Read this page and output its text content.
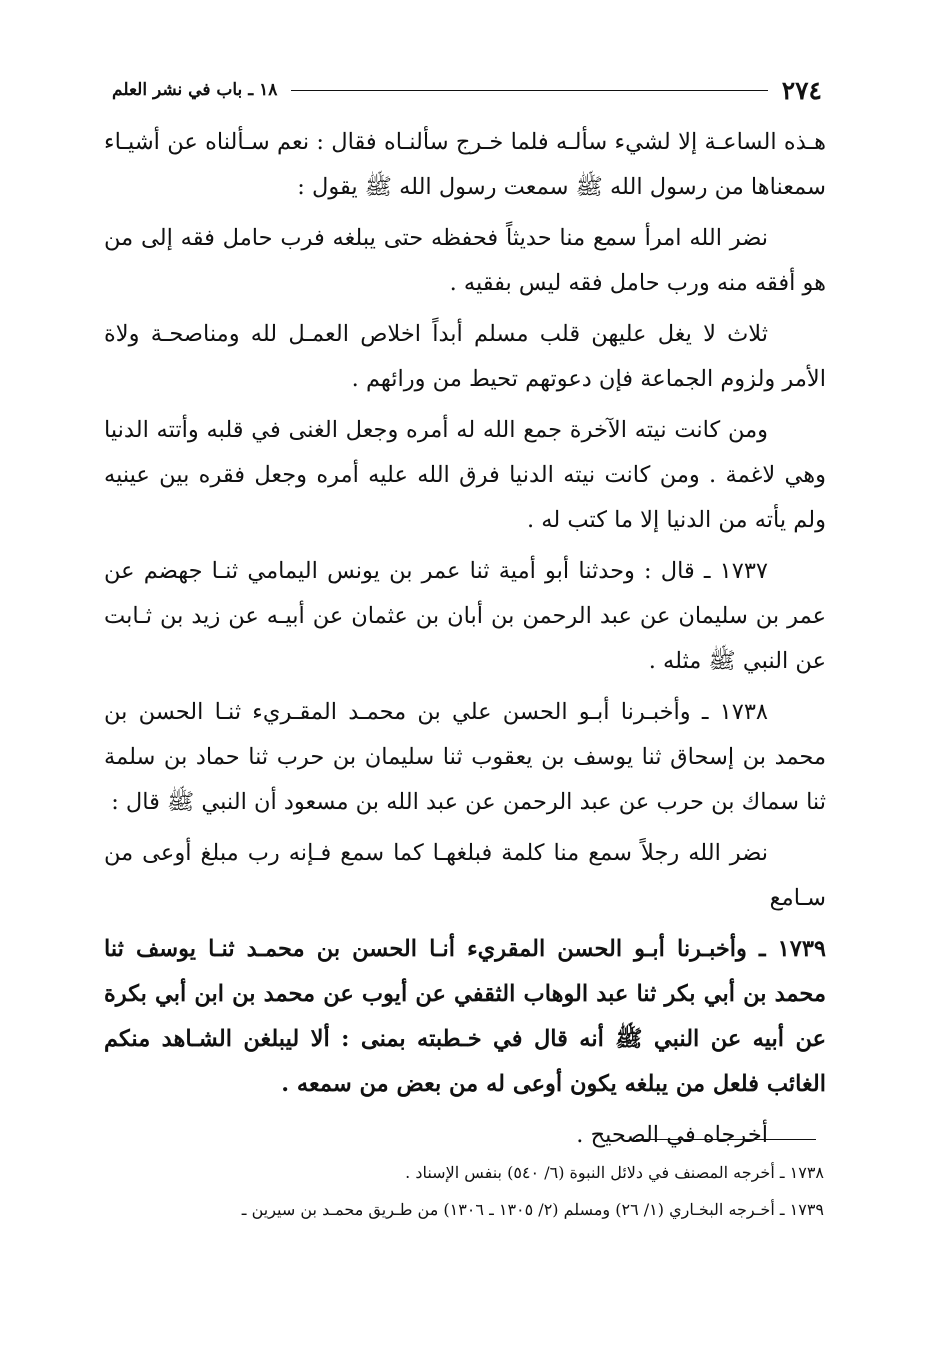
٢٧٤
١٨ ـ باب في نشر العلم

هـذه الساعـة إلا لشيء سألـه فلما خـرج سألنـاه فقال : نعم سـألناه عن أشيـاء سمعناها من رسول الله ﷺ سمعت رسول الله ﷺ يقول :

نضر الله امرأ سمع منا حديثاً فحفظه حتى يبلغه فرب حامل فقه إلى من هو أفقه منه ورب حامل فقه ليس بفقيه .

ثلاث لا يغل عليهن قلب مسلم أبداً اخلاص العمـل لله ومناصحـة ولاة الأمر ولزوم الجماعة فإن دعوتهم تحيط من ورائهم .

ومن كانت نيته الآخرة جمع الله له أمره وجعل الغنى في قلبه وأتته الدنيا وهي لاغمة . ومن كانت نيته الدنيا فرق الله عليه أمره وجعل فقره بين عينيه ولم يأته من الدنيا إلا ما كتب له .

١٧٣٧ ـ قال : وحدثنا أبو أمية ثنا عمر بن يونس اليمامي ثنـا جهضم عن عمر بن سليمان عن عبد الرحمن بن أبان بن عثمان عن أبيـه عن زيد بن ثـابت عن النبي ﷺ مثله .

١٧٣٨ ـ وأخبـرنا أبـو الحسن علي بن محمـد المقـريء ثنـا الحسن بن محمد بن إسحاق ثنا يوسف بن يعقوب ثنا سليمان بن حرب ثنا حماد بن سلمة ثنا سماك بن حرب عن عبد الرحمن عن عبد الله بن مسعود أن النبي ﷺ قال :

نضر الله رجلاً سمع منا كلمة فبلغهـا كما سمع فـإنه رب مبلغ أوعى من سـامع

١٧٣٩ ـ وأخبـرنا أبـو الحسن المقريء أنـا الحسن بن محمـد ثنـا يوسف ثنا محمد بن أبي بكر ثنا عبد الوهاب الثقفي عن أيوب عن محمد بن ابن أبي بكرة عن أبيه عن النبي ﷺ أنه قال في خـطبته بمنى : ألا ليبلغن الشـاهد منكم الغائب فلعل من يبلغه يكون أوعى له من بعض من سمعه .

أخرجاه في الصحيح .

١٧٣٨ ـ أخرجه المصنف في دلائل النبوة (٦/ ٥٤٠) بنفس الإسناد .

١٧٣٩ ـ أخـرجه البخـاري (١/ ٢٦) ومسلم (٢/ ١٣٠٥ ـ ١٣٠٦) من طـريق محمـد بن سيرين ـ
